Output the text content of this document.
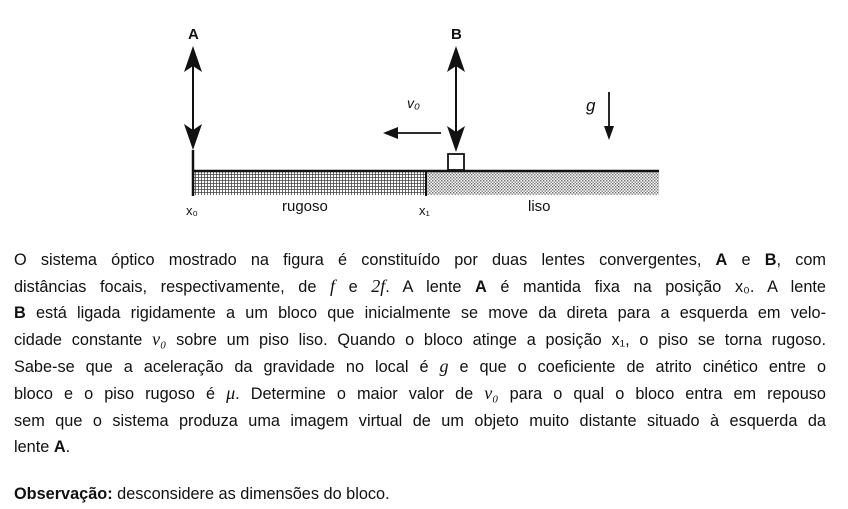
A	B
v₀	g
x₀	x₁
rugoso	liso
O sistema óptico mostrado na figura é constituído por duas lentes convergentes, A e B, com
distâncias focais, respectivamente, de f e 2f. A lente A é mantida fixa na posição x₀. A lente
B está ligada rigidamente a um bloco que inicialmente se move da direta para a esquerda em velo-
cidade constante v₀ sobre um piso liso. Quando o bloco atinge a posição x₁, o piso se torna rugoso.
Sabe-se que a aceleração da gravidade no local é g e que o coeficiente de atrito cinético entre o
bloco e o piso rugoso é μ. Determine o maior valor de v₀ para o qual o bloco entra em repouso
sem que o sistema produza uma imagem virtual de um objeto muito distante situado à esquerda da
lente A.
Observação: desconsidere as dimensões do bloco.
